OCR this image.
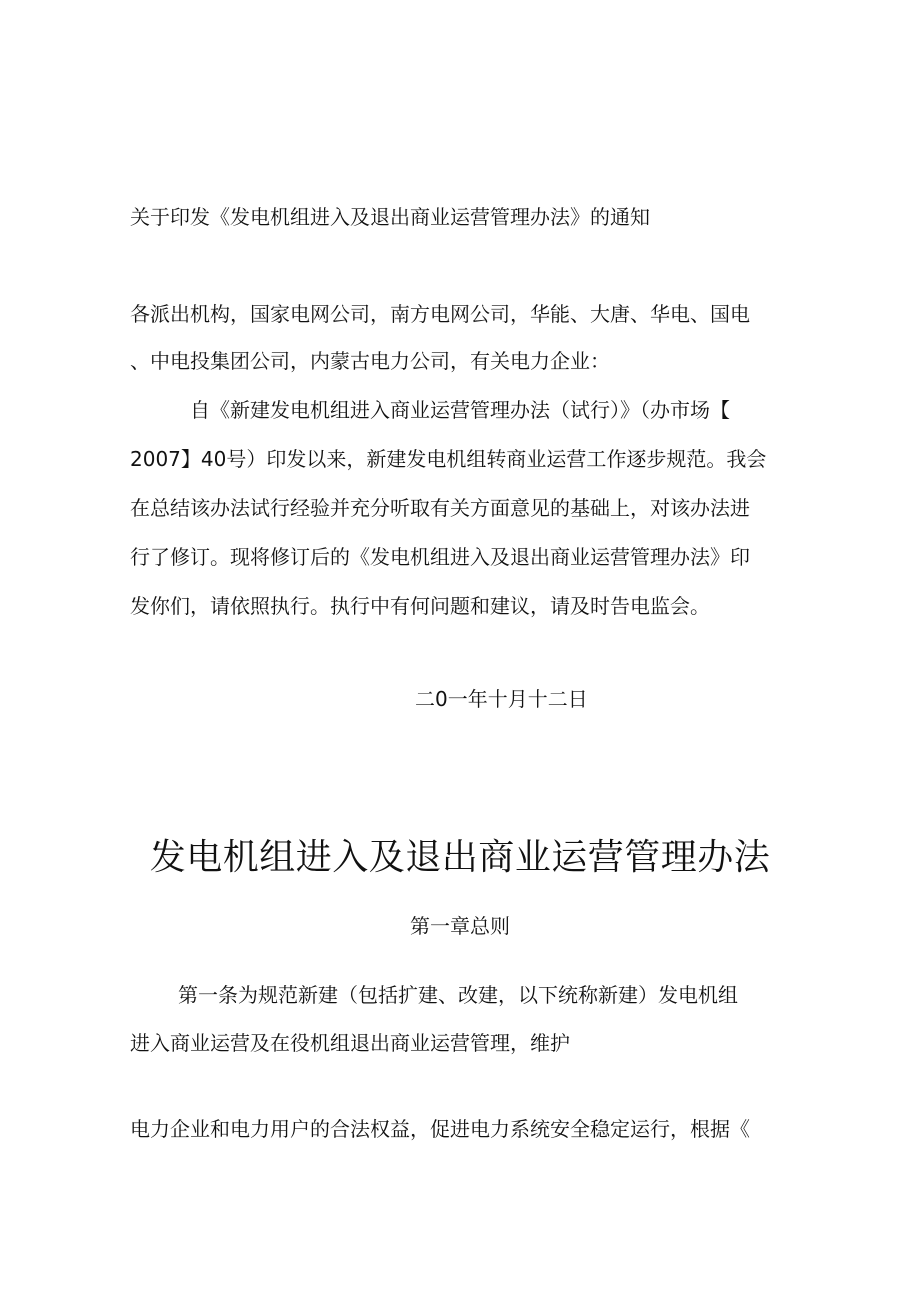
关于印发《发电机组进入及退出商业运营管理办法》的通知
各派出机构，国家电网公司，南方电网公司，华能、大唐、华电、国电
、中电投集团公司，内蒙古电力公司，有关电力企业：
自《新建发电机组进入商业运营管理办法（试行）》（办市场【
2007】40号）印发以来，新建发电机组转商业运营工作逐步规范。我会
在总结该办法试行经验并充分听取有关方面意见的基础上，对该办法进
行了修订。现将修订后的《发电机组进入及退出商业运营管理办法》印
发你们，请依照执行。执行中有何问题和建议，请及时告电监会。
二0一年十月十二日
发电机组进入及退出商业运营管理办法
第一章总则
第一条为规范新建（包括扩建、改建，以下统称新建）发电机组
进入商业运营及在役机组退出商业运营管理，维护
电力企业和电力用户的合法权益，促进电力系统安全稳定运行，根据《
